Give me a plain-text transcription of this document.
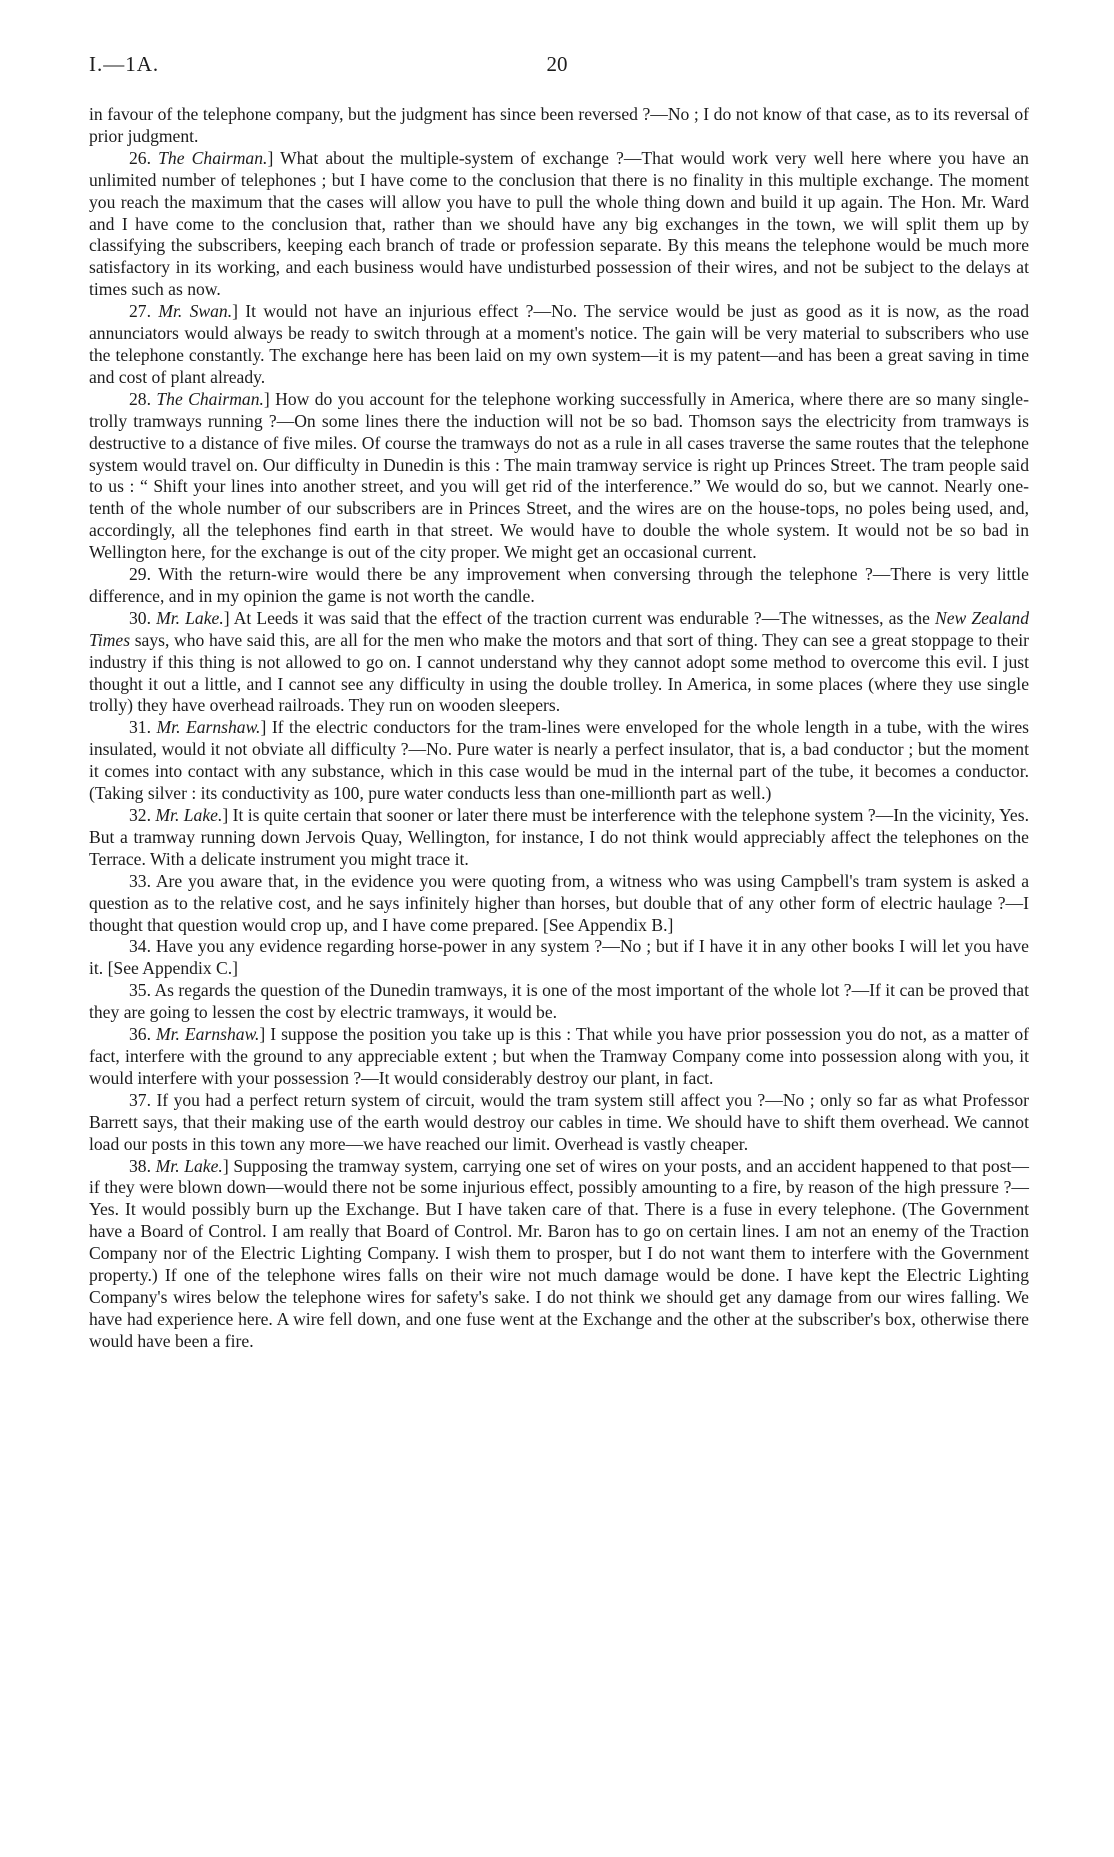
I.—1A.	20

in favour of the telephone company, but the judgment has since been reversed ?—No ; I do not know of that case, as to its reversal of prior judgment.

26. The Chairman.] What about the multiple-system of exchange ?—That would work very well here where you have an unlimited number of telephones ; but I have come to the conclusion that there is no finality in this multiple exchange. The moment you reach the maximum that the cases will allow you have to pull the whole thing down and build it up again. The Hon. Mr. Ward and I have come to the conclusion that, rather than we should have any big exchanges in the town, we will split them up by classifying the subscribers, keeping each branch of trade or profession separate. By this means the telephone would be much more satisfactory in its working, and each business would have undisturbed possession of their wires, and not be subject to the delays at times such as now.

27. Mr. Swan.] It would not have an injurious effect ?—No. The service would be just as good as it is now, as the road annunciators would always be ready to switch through at a moment's notice. The gain will be very material to subscribers who use the telephone constantly. The exchange here has been laid on my own system—it is my patent—and has been a great saving in time and cost of plant already.

28. The Chairman.] How do you account for the telephone working successfully in America, where there are so many single-trolly tramways running ?—On some lines there the induction will not be so bad. Thomson says the electricity from tramways is destructive to a distance of five miles. Of course the tramways do not as a rule in all cases traverse the same routes that the telephone system would travel on. Our difficulty in Dunedin is this : The main tramway service is right up Princes Street. The tram people said to us : “ Shift your lines into another street, and you will get rid of the interference.” We would do so, but we cannot. Nearly one-tenth of the whole number of our subscribers are in Princes Street, and the wires are on the house-tops, no poles being used, and, accordingly, all the telephones find earth in that street. We would have to double the whole system. It would not be so bad in Wellington here, for the exchange is out of the city proper. We might get an occasional current.

29. With the return-wire would there be any improvement when conversing through the telephone ?—There is very little difference, and in my opinion the game is not worth the candle.

30. Mr. Lake.] At Leeds it was said that the effect of the traction current was endurable ?—The witnesses, as the New Zealand Times says, who have said this, are all for the men who make the motors and that sort of thing. They can see a great stoppage to their industry if this thing is not allowed to go on. I cannot understand why they cannot adopt some method to overcome this evil. I just thought it out a little, and I cannot see any difficulty in using the double trolley. In America, in some places (where they use single trolly) they have overhead railroads. They run on wooden sleepers.

31. Mr. Earnshaw.] If the electric conductors for the tram-lines were enveloped for the whole length in a tube, with the wires insulated, would it not obviate all difficulty ?—No. Pure water is nearly a perfect insulator, that is, a bad conductor ; but the moment it comes into contact with any substance, which in this case would be mud in the internal part of the tube, it becomes a conductor. (Taking silver : its conductivity as 100, pure water conducts less than one-millionth part as well.)

32. Mr. Lake.] It is quite certain that sooner or later there must be interference with the telephone system ?—In the vicinity, Yes. But a tramway running down Jervois Quay, Wellington, for instance, I do not think would appreciably affect the telephones on the Terrace. With a delicate instrument you might trace it.

33. Are you aware that, in the evidence you were quoting from, a witness who was using Campbell's tram system is asked a question as to the relative cost, and he says infinitely higher than horses, but double that of any other form of electric haulage ?—I thought that question would crop up, and I have come prepared. [See Appendix B.]

34. Have you any evidence regarding horse-power in any system ?—No ; but if I have it in any other books I will let you have it. [See Appendix C.]

35. As regards the question of the Dunedin tramways, it is one of the most important of the whole lot ?—If it can be proved that they are going to lessen the cost by electric tramways, it would be.

36. Mr. Earnshaw.] I suppose the position you take up is this : That while you have prior possession you do not, as a matter of fact, interfere with the ground to any appreciable extent ; but when the Tramway Company come into possession along with you, it would interfere with your possession ?—It would considerably destroy our plant, in fact.

37. If you had a perfect return system of circuit, would the tram system still affect you ?—No ; only so far as what Professor Barrett says, that their making use of the earth would destroy our cables in time. We should have to shift them overhead. We cannot load our posts in this town any more—we have reached our limit. Overhead is vastly cheaper.

38. Mr. Lake.] Supposing the tramway system, carrying one set of wires on your posts, and an accident happened to that post—if they were blown down—would there not be some injurious effect, possibly amounting to a fire, by reason of the high pressure ?—Yes. It would possibly burn up the Exchange. But I have taken care of that. There is a fuse in every telephone. (The Government have a Board of Control. I am really that Board of Control. Mr. Baron has to go on certain lines. I am not an enemy of the Traction Company nor of the Electric Lighting Company. I wish them to prosper, but I do not want them to interfere with the Government property.) If one of the telephone wires falls on their wire not much damage would be done. I have kept the Electric Lighting Company's wires below the telephone wires for safety's sake. I do not think we should get any damage from our wires falling. We have had experience here. A wire fell down, and one fuse went at the Exchange and the other at the subscriber's box, otherwise there would have been a fire.
